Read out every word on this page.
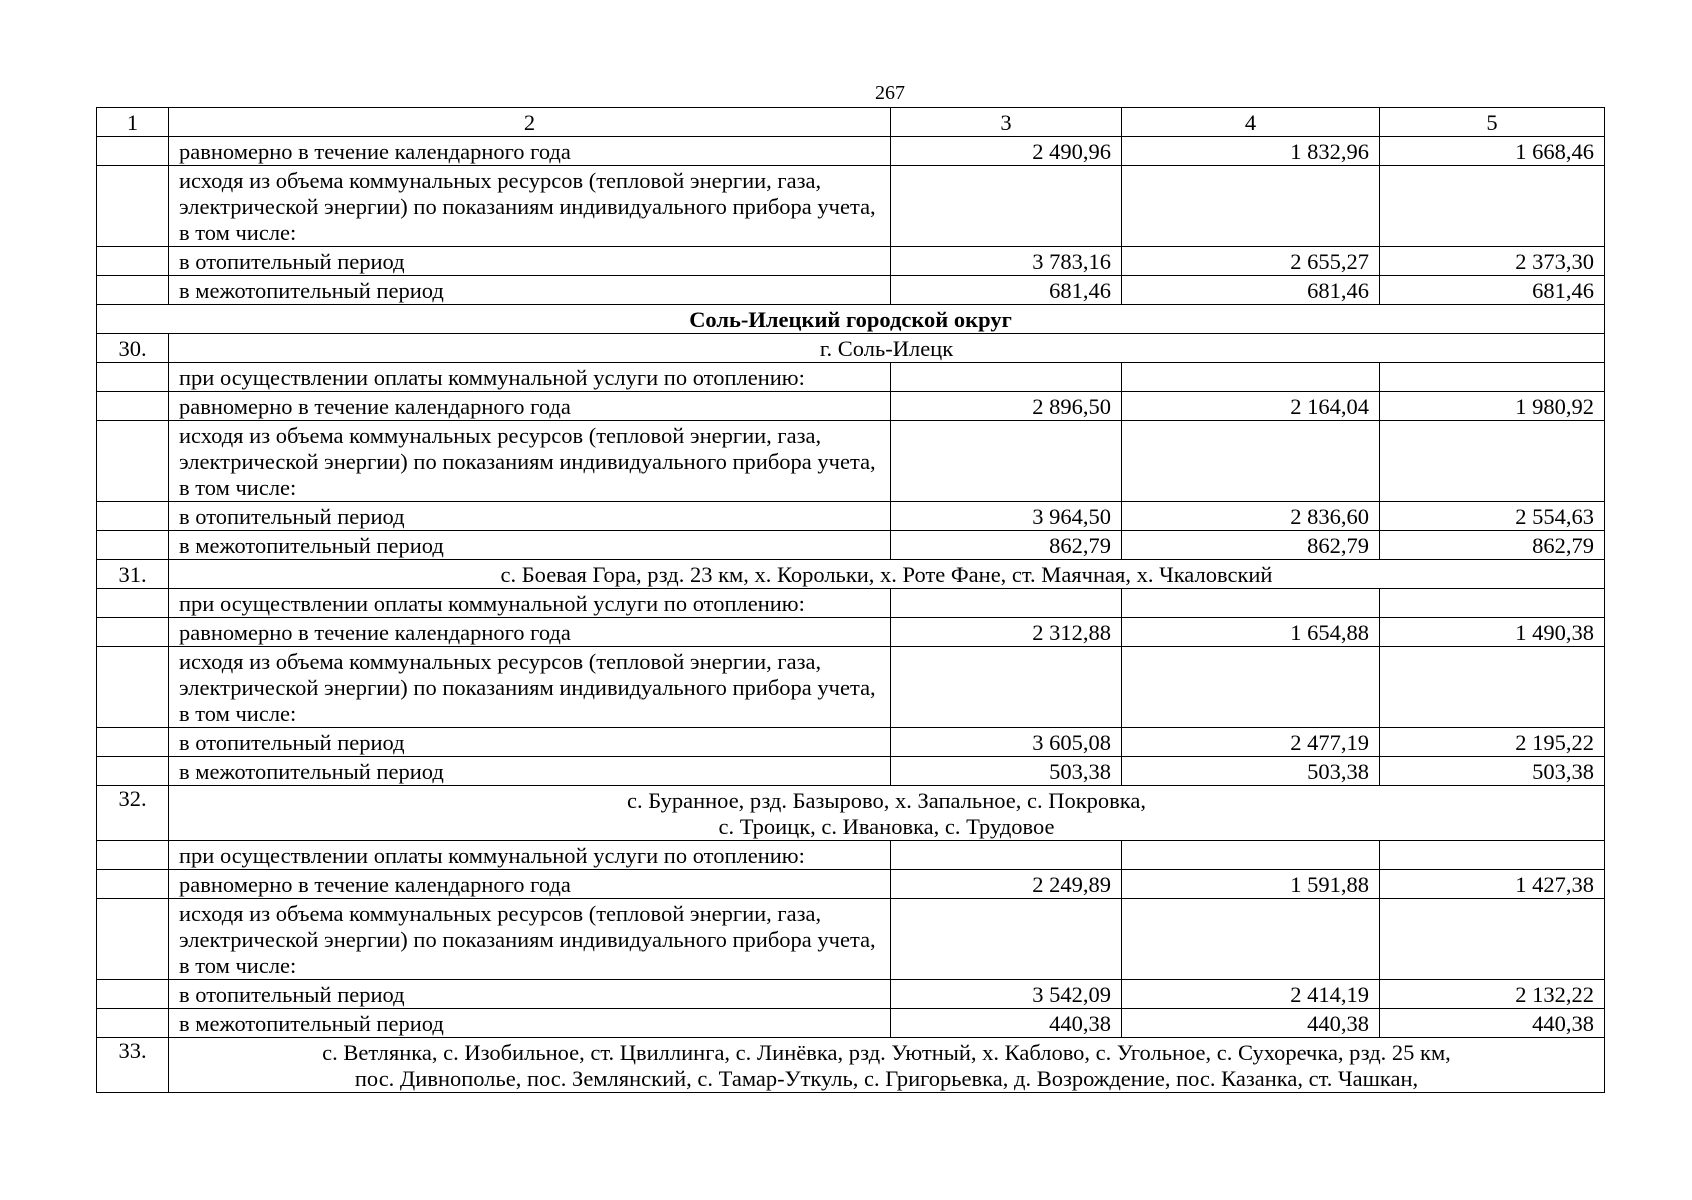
267
1	2	3	4	5
	равномерно в течение календарного года	2 490,96	1 832,96	1 668,46
	исходя из объема коммунальных ресурсов (тепловой энергии, газа, электрической энергии) по показаниям индивидуального прибора учета, в том числе:			
	в отопительный период	3 783,16	2 655,27	2 373,30
	в межотопительный период	681,46	681,46	681,46
Соль-Илецкий городской округ				
30.	г. Соль-Илецк			
	при осуществлении оплаты коммунальной услуги по отоплению:			
	равномерно в течение календарного года	2 896,50	2 164,04	1 980,92
	исходя из объема коммунальных ресурсов (тепловой энергии, газа, электрической энергии) по показаниям индивидуального прибора учета, в том числе:			
	в отопительный период	3 964,50	2 836,60	2 554,63
	в межотопительный период	862,79	862,79	862,79
31.	с. Боевая Гора, рзд. 23 км, х. Корольки, х. Роте Фане, ст. Маячная, х. Чкаловский			
	при осуществлении оплаты коммунальной услуги по отоплению:			
	равномерно в течение календарного года	2 312,88	1 654,88	1 490,38
	исходя из объема коммунальных ресурсов (тепловой энергии, газа, электрической энергии) по показаниям индивидуального прибора учета, в том числе:			
	в отопительный период	3 605,08	2 477,19	2 195,22
	в межотопительный период	503,38	503,38	503,38
32.	с. Буранное, рзд. Базырово, х. Запальное, с. Покровка,
с. Троицк, с. Ивановка, с. Трудовое			

	при осуществлении оплаты коммунальной услуги по отоплению:			
	равномерно в течение календарного года	2 249,89	1 591,88	1 427,38
	исходя из объема коммунальных ресурсов (тепловой энергии, газа, электрической энергии) по показаниям индивидуального прибора учета, в том числе:			
	в отопительный период	3 542,09	2 414,19	2 132,22
	в межотопительный период	440,38	440,38	440,38
33.	с. Ветлянка, с. Изобильное, ст. Цвиллинга, с. Линёвка, рзд. Уютный, х. Каблово, с. Угольное, с. Сухоречка, рзд. 25 км,
пос. Дивнополье, пос. Землянский, с. Тамар-Уткуль, с. Григорьевка, д. Возрождение, пос. Казанка, ст. Чашкан,			
